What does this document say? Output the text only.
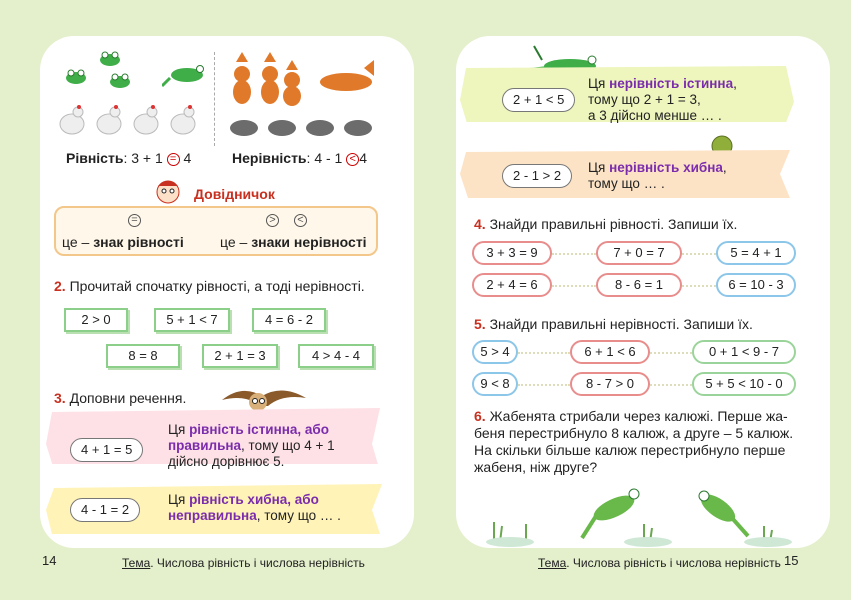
Рівність: 3 + 1 = 4	Нерівність: 4 - 1 < 4
Довідничок
=	> <
це – знак рівності	це – знаки нерівності
2. Прочитай спочатку рівності, а тоді нерівності.
2 > 0	5 + 1 < 7	4 = 6 - 2
8 = 8	2 + 1 = 3	4 > 4 - 4
3. Доповни речення.
4 + 1 = 5
Ця рівність істинна, або
правильна, тому що 4 + 1
дійсно дорівнює 5.
4 - 1 = 2
Ця рівність хибна, або
неправильна, тому що … .
14	Тема. Числова рівність і числова нерівність
2 + 1 < 5
Ця нерівність істинна,
тому що 2 + 1 = 3,
а 3 дійсно менше … .
2 - 1 > 2
Ця нерівність хибна,
тому що … .
4. Знайди правильні рівності. Запиши їх.
3 + 3 = 9	7 + 0 = 7	5 = 4 + 1
2 + 4 = 6	8 - 6 = 1	6 = 10 - 3
5. Знайди правильні нерівності. Запиши їх.
5 > 4	6 + 1 < 6	0 + 1 < 9 - 7
9 < 8	8 - 7 > 0	5 + 5 < 10 - 0
6. Жабенята стрибали через калюжі. Перше жа-
беня перестрибнуло 8 калюж, а друге – 5 калюж.
На скільки більше калюж перестрибнуло перше
жабеня, ніж друге?
Тема. Числова рівність і числова нерівність 15
